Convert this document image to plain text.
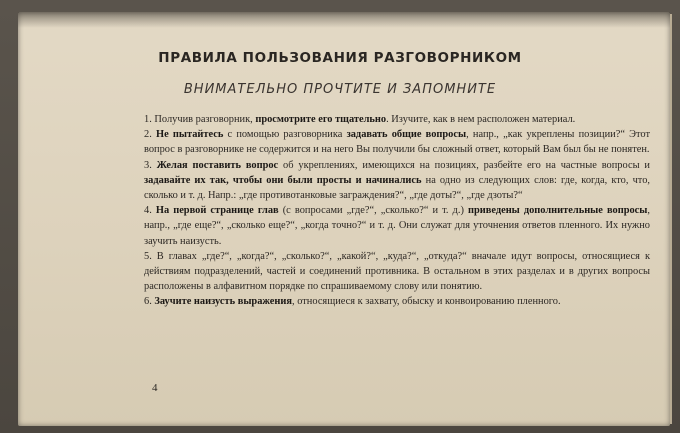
ПРАВИЛА ПОЛЬЗОВАНИЯ РАЗГОВОРНИКОМ
ВНИМАТЕЛЬНО ПРОЧТИТЕ И ЗАПОМНИТЕ

1. Получив разговорник, просмотрите его тщательно. Изучите, как в нем расположен материал.

2. Не пытайтесь с помощью разговорника задавать общие вопросы, напр., „как укреплены позиции?“ Этот вопрос в разговорнике не содержится и на него Вы получили бы сложный ответ, который Вам был бы не понятен.

3. Желая поставить вопрос об укреплениях, имеющихся на позициях, разбейте его на частные вопросы и задавайте их так, чтобы они были просты и начинались на одно из следующих слов: где, когда, кто, что, сколько и т. д. Напр.: „где противотанковые заграждения?“, „где доты?“, „где дзоты?“

4. На первой странице глав (с вопросами „где?“, „сколько?“ и т. д.) приведены дополнительные вопросы, напр., „где еще?“, „сколько еще?“, „когда точно?“ и т. д. Они служат для уточнения ответов пленного. Их нужно заучить наизусть.

5. В главах „где?“, „когда?“, „сколько?“, „какой?“, „куда?“, „откуда?“ вначале идут вопросы, относящиеся к действиям подразделений, частей и соединений противника. В остальном в этих разделах и в других вопросы расположены в алфавитном порядке по спрашиваемому слову или понятию.

6. Заучите наизусть выражения, относящиеся к захвату, обыску и конвоированию пленного.

4
